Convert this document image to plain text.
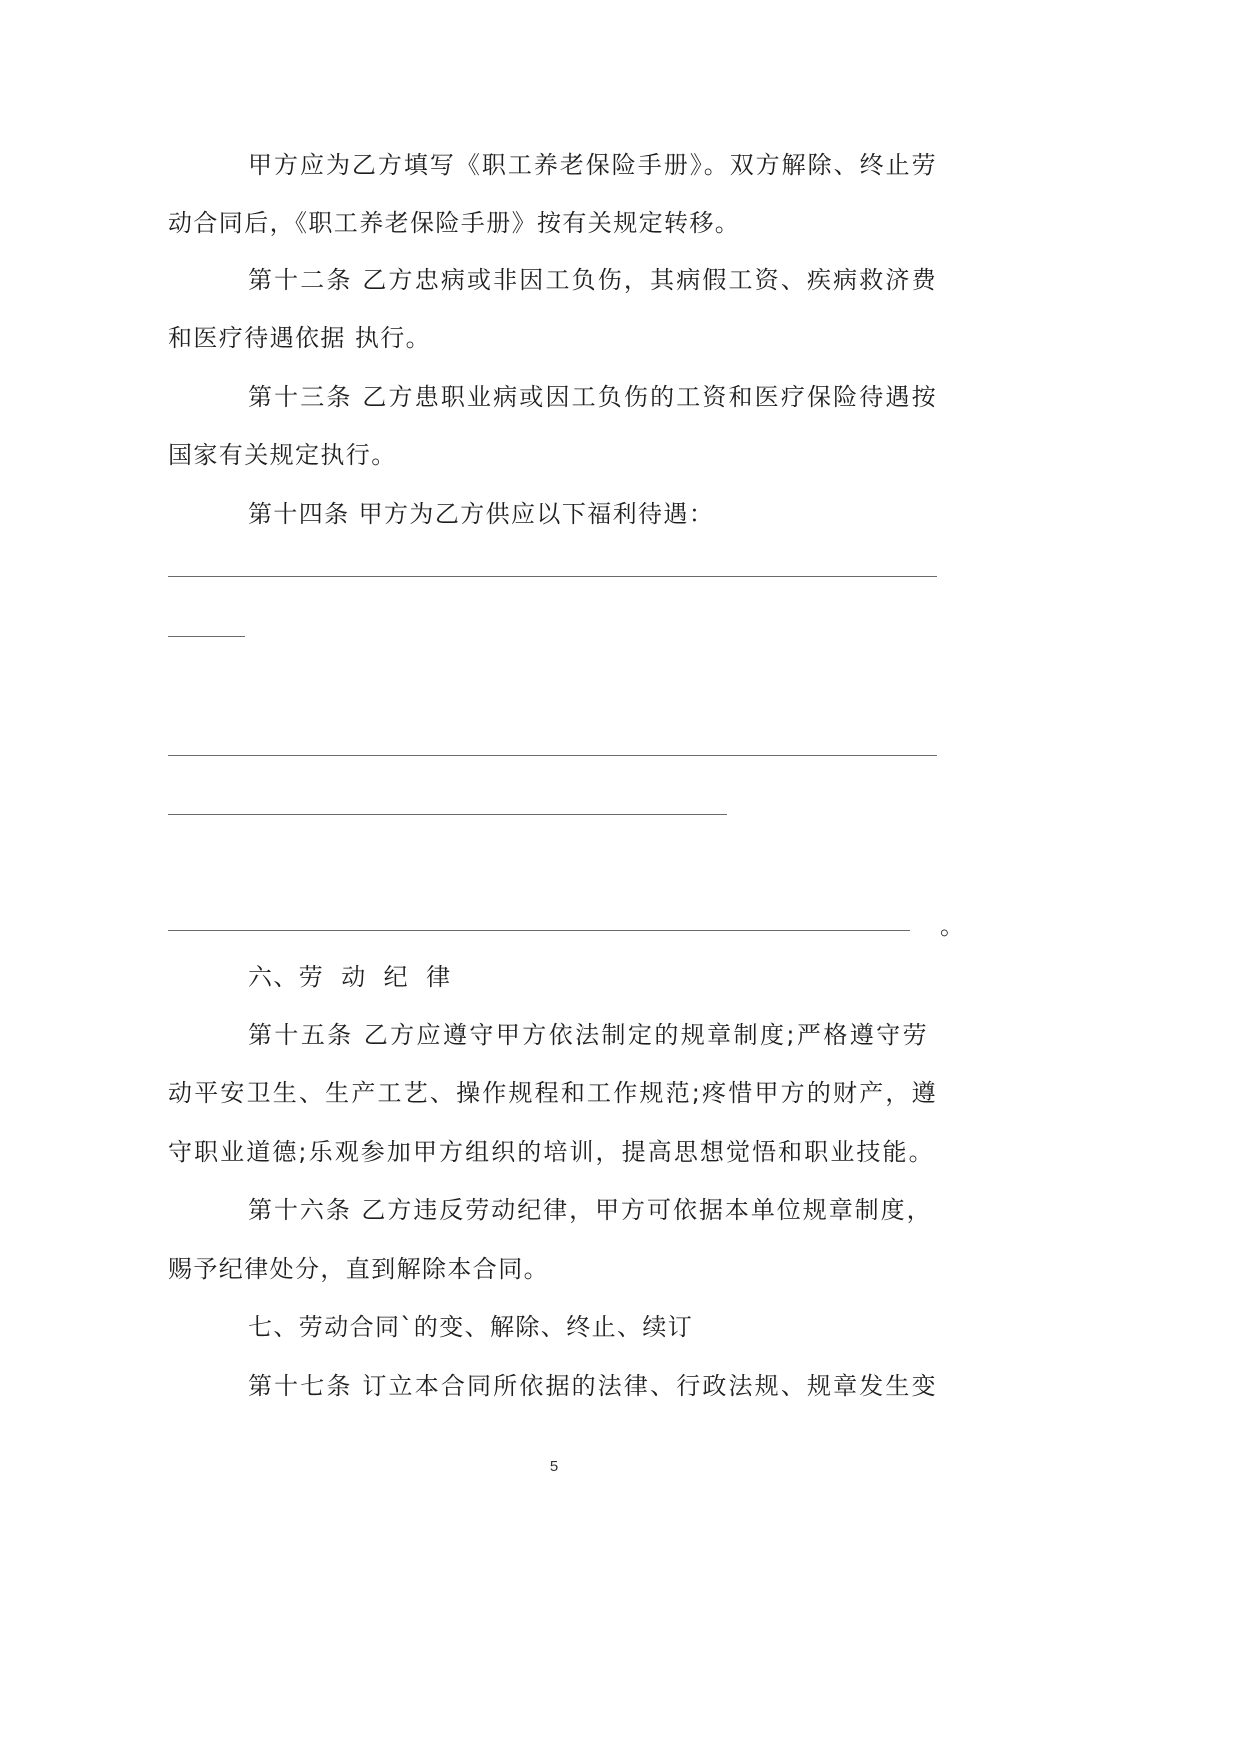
甲方应为乙方填写《职工养老保险手册》。双方解除、终止劳

动合同后，《职工养老保险手册》按有关规定转移。

第十二条 乙方忠病或非因工负伤，其病假工资、疾病救济费

和医疗待遇依据 执行。

第十三条 乙方患职业病或因工负伤的工资和医疗保险待遇按

国家有关规定执行。

第十四条 甲方为乙方供应以下福利待遇：

。

六、劳 动 纪 律

第十五条 乙方应遵守甲方依法制定的规章制度;严格遵守劳

动平安卫生、生产工艺、操作规程和工作规范;疼惜甲方的财产，遵

守职业道德;乐观参加甲方组织的培训，提高思想觉悟和职业技能。

第十六条 乙方违反劳动纪律，甲方可依据本单位规章制度，

赐予纪律处分，直到解除本合同。

七、劳动合同`的变、解除、终止、续订

第十七条 订立本合同所依据的法律、行政法规、规章发生变

5
